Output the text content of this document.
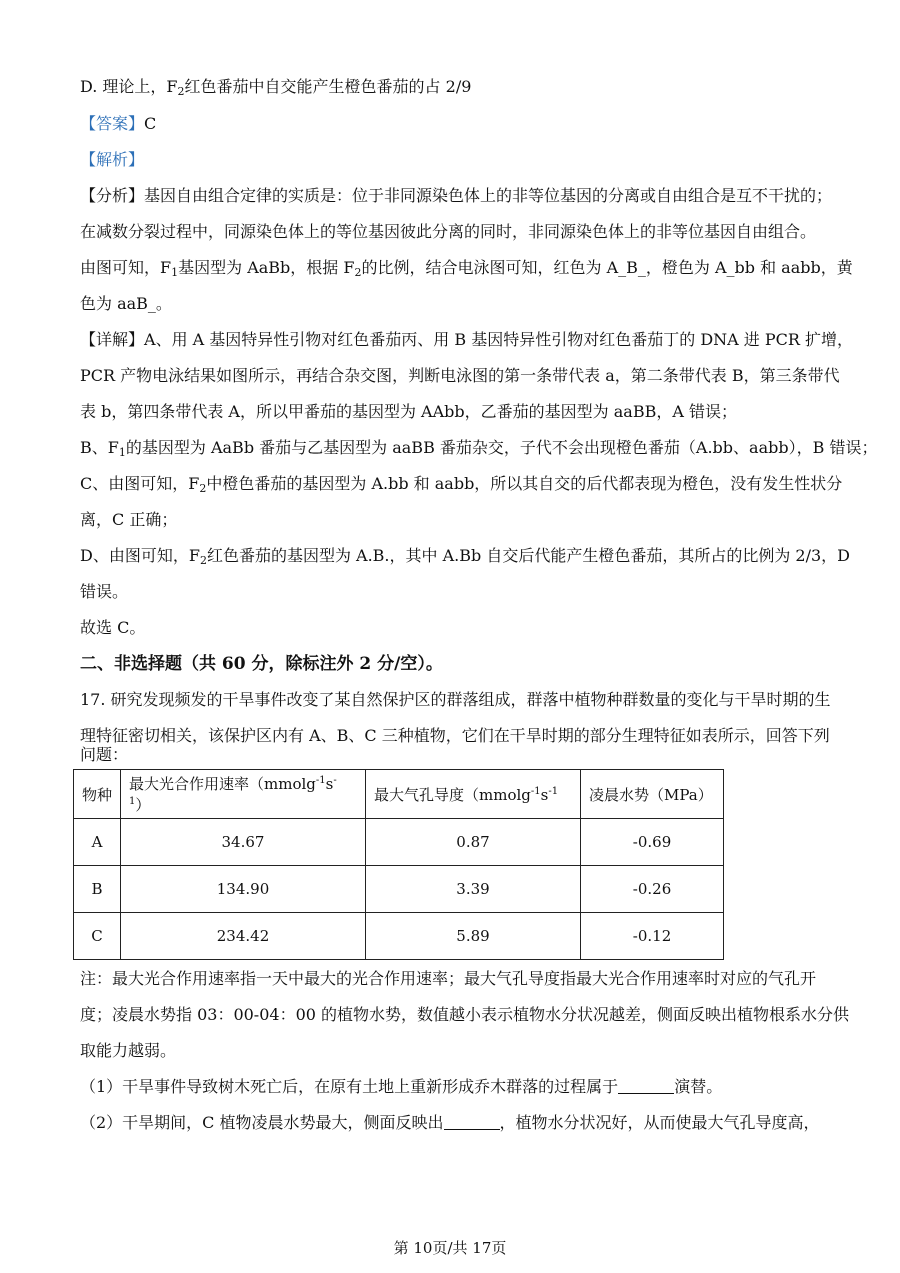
D. 理论上，$F_2$红色番茄中自交能产生橙色番茄的占 2/9
【答案】C
【解析】
【分析】基因自由组合定律的实质是：位于非同源染色体上的非等位基因的分离或自由组合是互不干扰的；
在减数分裂过程中，同源染色体上的等位基因彼此分离的同时，非同源染色体上的非等位基因自由组合。
由图可知，$F_1$基因型为 AaBb，根据 $F_2$的比例，结合电泳图可知，红色为 A_B_，橙色为 A_bb 和 aabb，黄
色为 aaB_。
【详解】A、用 A 基因特异性引物对红色番茄丙、用 B 基因特异性引物对红色番茄丁的 DNA 进 PCR 扩增，
PCR 产物电泳结果如图所示，再结合杂交图，判断电泳图的第一条带代表 a，第二条带代表 B，第三条带代
表 b，第四条带代表 A，所以甲番茄的基因型为 AAbb，乙番茄的基因型为 aaBB，A 错误；
B、$F_1$的基因型为 AaBb 番茄与乙基因型为 aaBB 番茄杂交，子代不会出现橙色番茄（A.bb、aabb），B 错误；
C、由图可知，$F_2$中橙色番茄的基因型为 A.bb 和 aabb，所以其自交的后代都表现为橙色，没有发生性状分
离，C 正确；
D、由图可知，$F_2$红色番茄的基因型为 A.B.，其中 A.Bb 自交后代能产生橙色番茄，其所占的比例为 2/3，D
错误。
故选 C。
二、非选择题（共 60 分，除标注外 2 分/空）。
17. 研究发现频发的干旱事件改变了某自然保护区的群落组成，群落中植物种群数量的变化与干旱时期的生
理特征密切相关，该保护区内有 A、B、C 三种植物，它们在干旱时期的部分生理特征如表所示，回答下列
问题：
物种	最大光合作用速率$(mmolg^{-1}s^{-1})$	最大气孔导度（$mmolg^{-1}s^{-1}$	凌晨水势（MPa）
A	34.67	0.87	-0.69
B	134.90	3.39	-0.26
C	234.42	5.89	-0.12
注：最大光合作用速率指一天中最大的光合作用速率；最大气孔导度指最大光合作用速率时对应的气孔开
度；凌晨水势指 03：00-04：00 的植物水势，数值越小表示植物水分状况越差，侧面反映出植物根系水分供
取能力越弱。
（1）干旱事件导致树木死亡后，在原有土地上重新形成乔木群落的过程属于	演替。
（2）干旱期间，C 植物凌晨水势最大，侧面反映出	，植物水分状况好，从而使最大气孔导度高，
第 10页/共 17页
